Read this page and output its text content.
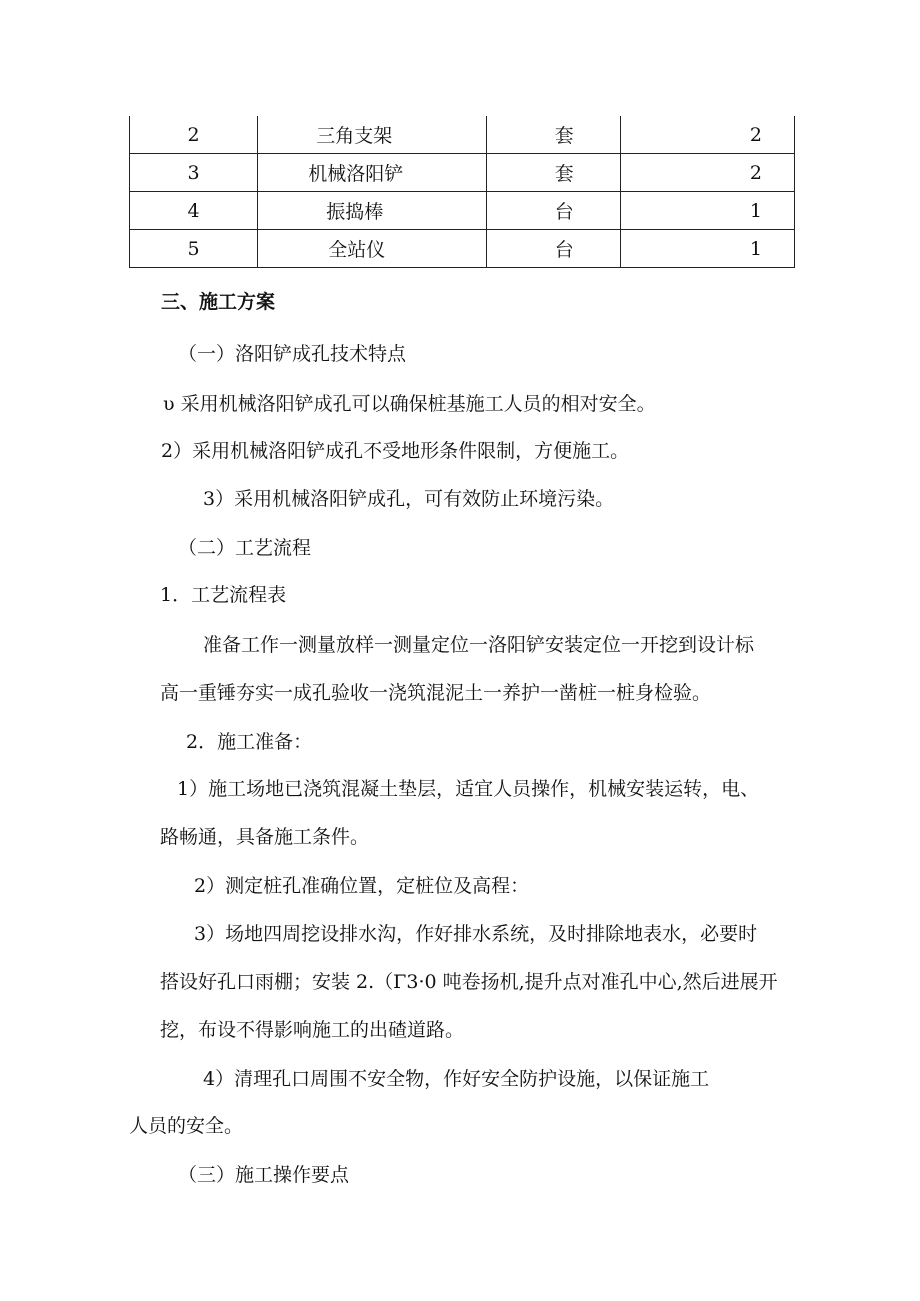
2	三角支架	套	2
3	机械洛阳铲	套	2
4	振捣棒	台	1
5	全站仪	台	1
三、施工方案
（一）洛阳铲成孔技术特点
υ 采用机械洛阳铲成孔可以确保桩基施工人员的相对安全。
2）采用机械洛阳铲成孔不受地形条件限制，方便施工。
3）采用机械洛阳铲成孔，可有效防止环境污染。
（二）工艺流程
1．工艺流程表
准备工作一测量放样一测量定位一洛阳铲安装定位一开挖到设计标
高一重锤夯实一成孔验收一浇筑混泥土一养护一凿桩一桩身检验。
2．施工准备：
1）施工场地已浇筑混凝土垫层，适宜人员操作，机械安装运转，电、
路畅通，具备施工条件。
2）测定桩孔准确位置，定桩位及高程：
3）场地四周挖设排水沟，作好排水系统，及时排除地表水，必要时
搭设好孔口雨棚；安装 2.（Γ3·0 吨卷扬机,提升点对准孔中心,然后进展开
挖，布设不得影响施工的出碴道路。
4）清理孔口周围不安全物，作好安全防护设施，以保证施工
人员的安全。
（三）施工操作要点
